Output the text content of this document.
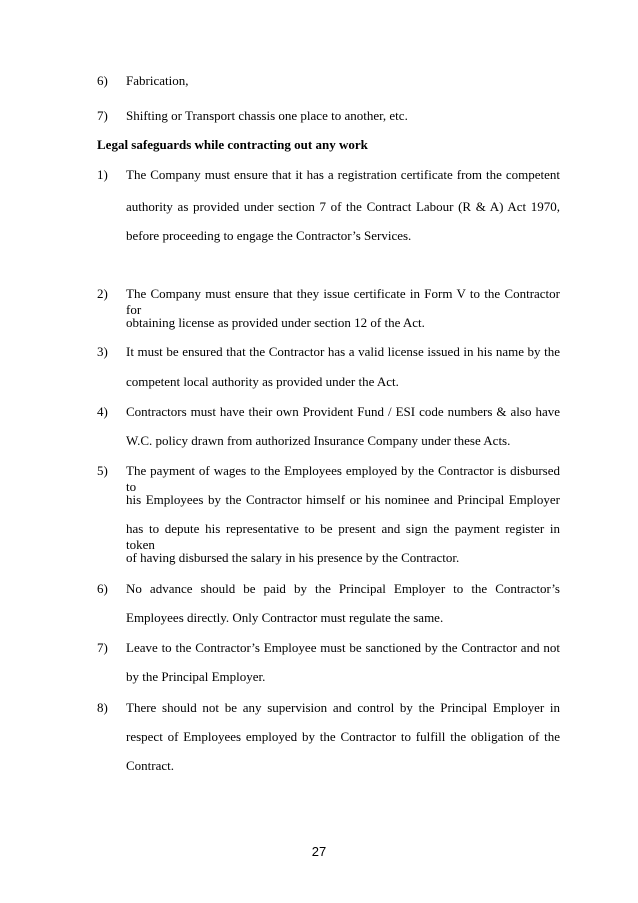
6) Fabrication,
7) Shifting or Transport chassis one place to another, etc.
Legal safeguards while contracting out any work
1) The Company must ensure that it has a registration certificate from the competent
authority as provided under section 7 of the Contract Labour (R & A) Act 1970,
before proceeding to engage the Contractor’s Services.
2) The Company must ensure that they issue certificate in Form V to the Contractor for
obtaining license as provided under section 12 of the Act.
3) It must be ensured that the Contractor has a valid license issued in his name by the
competent local authority as provided under the Act.
4) Contractors must have their own Provident Fund / ESI code numbers & also have
W.C. policy drawn from authorized Insurance Company under these Acts.
5) The payment of wages to the Employees employed by the Contractor is disbursed to
his Employees by the Contractor himself or his nominee and Principal Employer
has to depute his representative to be present and sign the payment register in token
of having disbursed the salary in his presence by the Contractor.
6) No advance should be paid by the Principal Employer to the Contractor’s
Employees directly. Only Contractor must regulate the same.
7) Leave to the Contractor’s Employee must be sanctioned by the Contractor and not
by the Principal Employer.
8) There should not be any supervision and control by the Principal Employer in
respect of Employees employed by the Contractor to fulfill the obligation of the
Contract.
27
